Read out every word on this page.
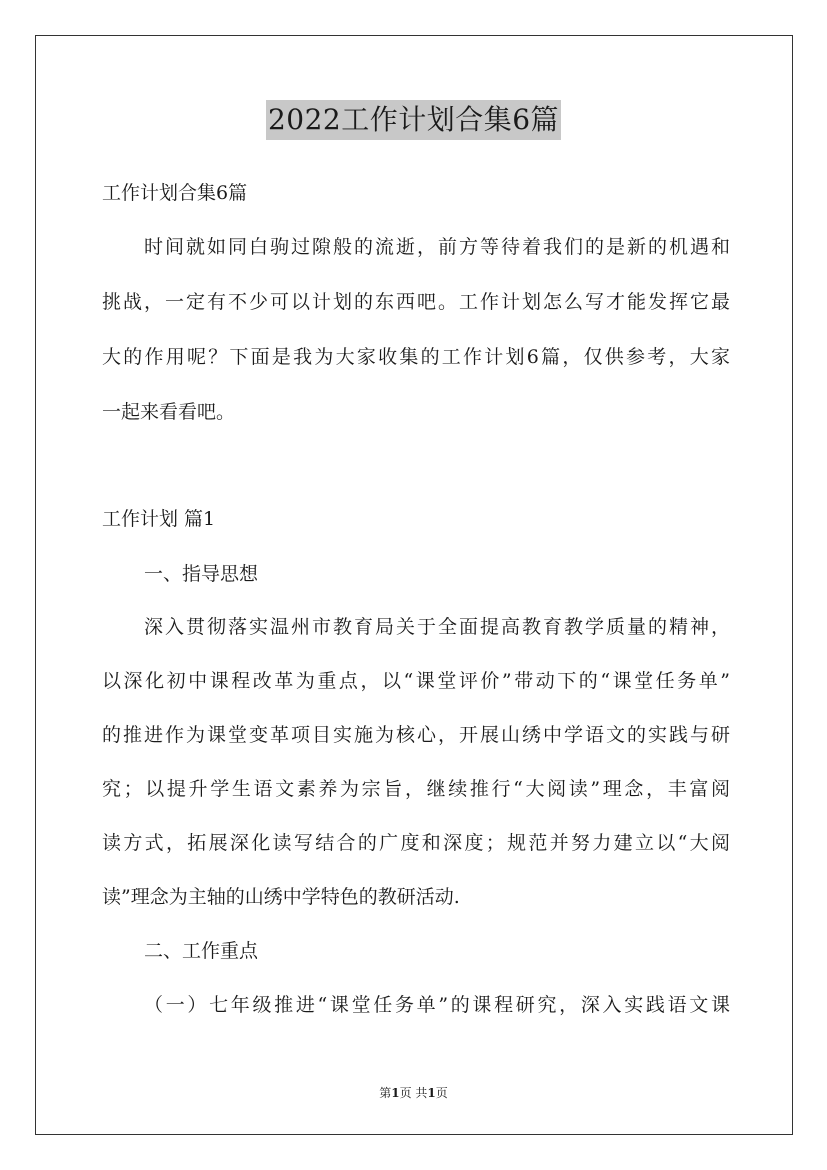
2022工作计划合集6篇
工作计划合集6篇
时间就如同白驹过隙般的流逝，前方等待着我们的是新的机遇和
挑战，一定有不少可以计划的东西吧。工作计划怎么写才能发挥它最
大的作用呢？下面是我为大家收集的工作计划6篇，仅供参考，大家
一起来看看吧。
工作计划 篇1
一、指导思想
深入贯彻落实温州市教育局关于全面提高教育教学质量的精神，
以深化初中课程改革为重点，以“课堂评价”带动下的“课堂任务单”
的推进作为课堂变革项目实施为核心，开展山绣中学语文的实践与研
究；以提升学生语文素养为宗旨，继续推行“大阅读”理念，丰富阅
读方式，拓展深化读写结合的广度和深度；规范并努力建立以“大阅
读”理念为主轴的山绣中学特色的教研活动.
二、工作重点
（一）七年级推进“课堂任务单”的课程研究，深入实践语文课
第1页 共1页
